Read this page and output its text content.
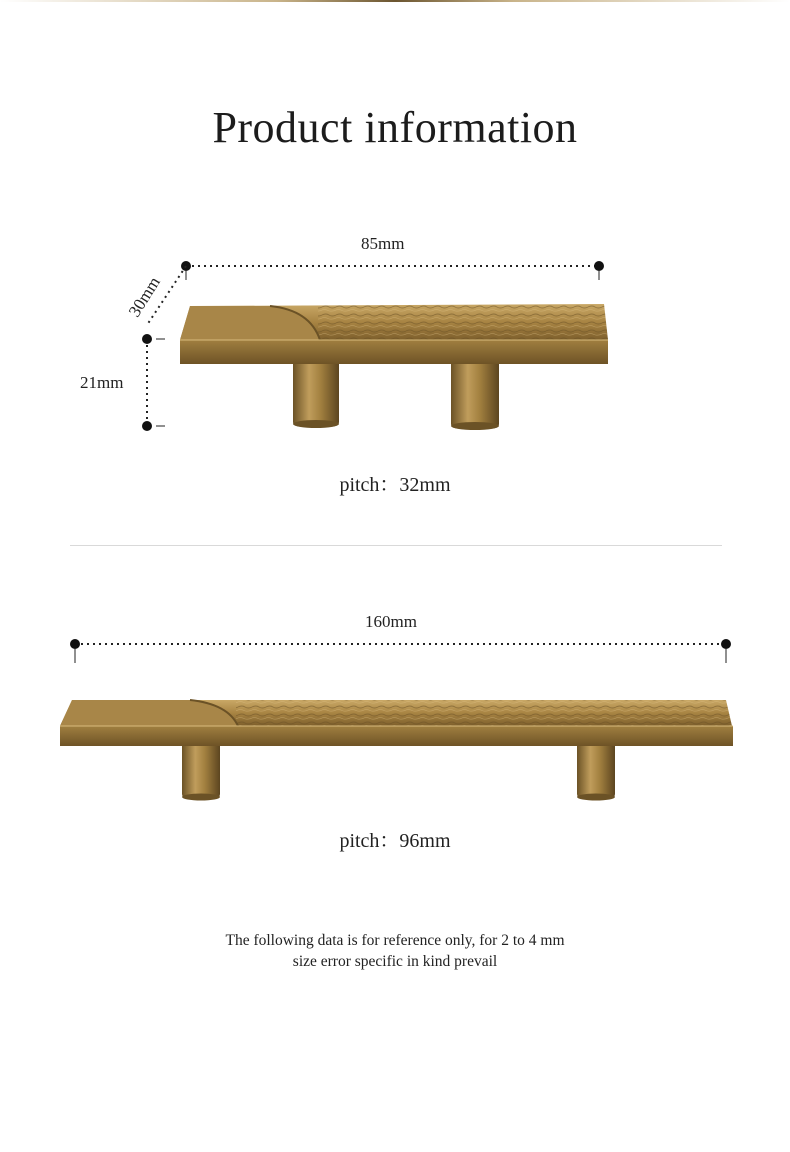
Product information
85mm
30mm
21mm
pitch：32mm
160mm
pitch：96mm
The following data is for reference only, for 2 to 4 mm
size error specific in kind prevail
